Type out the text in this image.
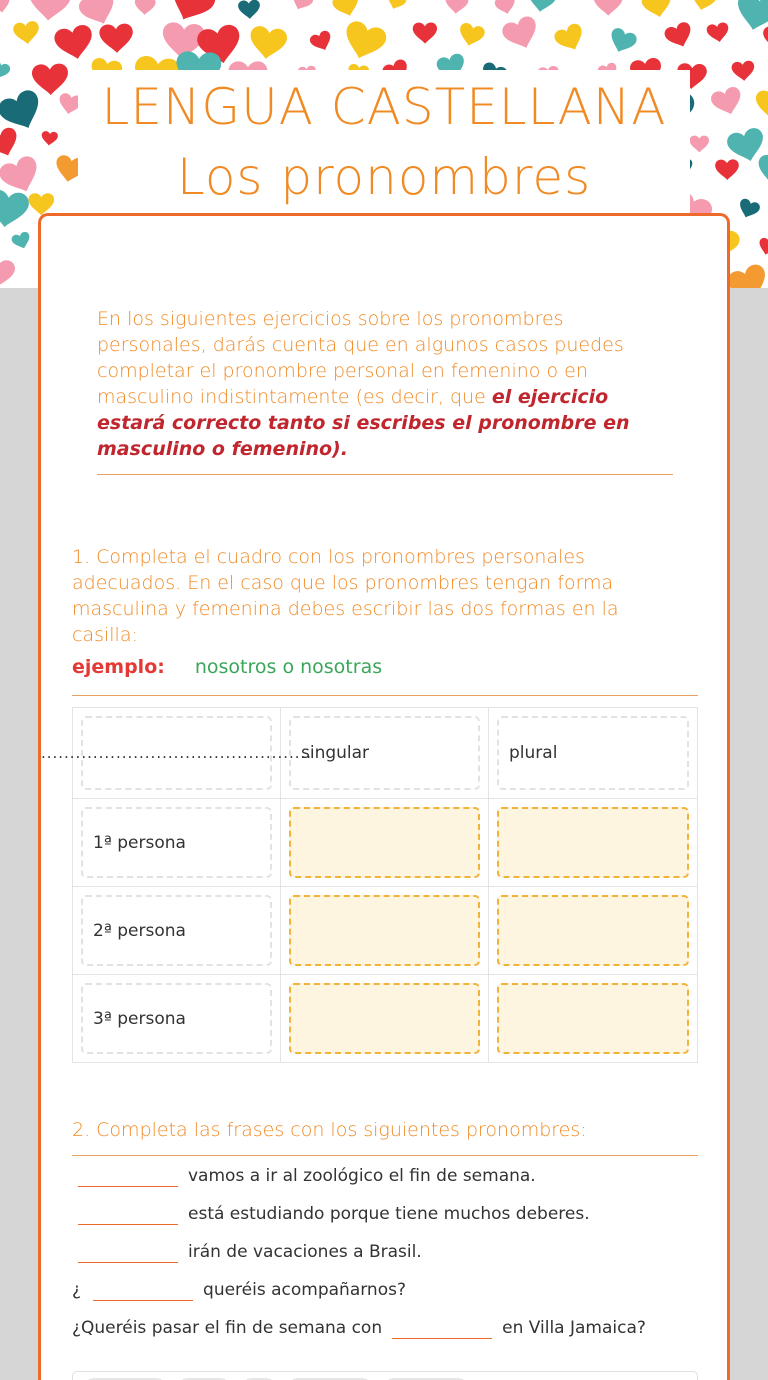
LENGUA CASTELLANA
Los pronombres
En los siguientes ejercicios sobre los pronombres personales, darás cuenta que en algunos casos puedes completar el pronombre personal en femenino o en masculino indistintamente (es decir, que el ejercicio estará correcto tanto si escribes el pronombre en masculino o femenino).
1. Completa el cuadro con los pronombres personales adecuados. En el caso que los pronombres tengan forma masculina y femenina debes escribir las dos formas en la casilla:
ejemplo: nosotros o nosotras
...............................................
singular	plural
1ª persona
2ª persona
3ª persona
2. Completa las frases con los siguientes pronombres:
vamos a ir al zoológico el fin de semana.
está estudiando porque tiene muchos deberes.
irán de vacaciones a Brasil.
¿	queréis acompañarnos?
¿Queréis pasar el fin de semana con	en Villa Jamaica?
